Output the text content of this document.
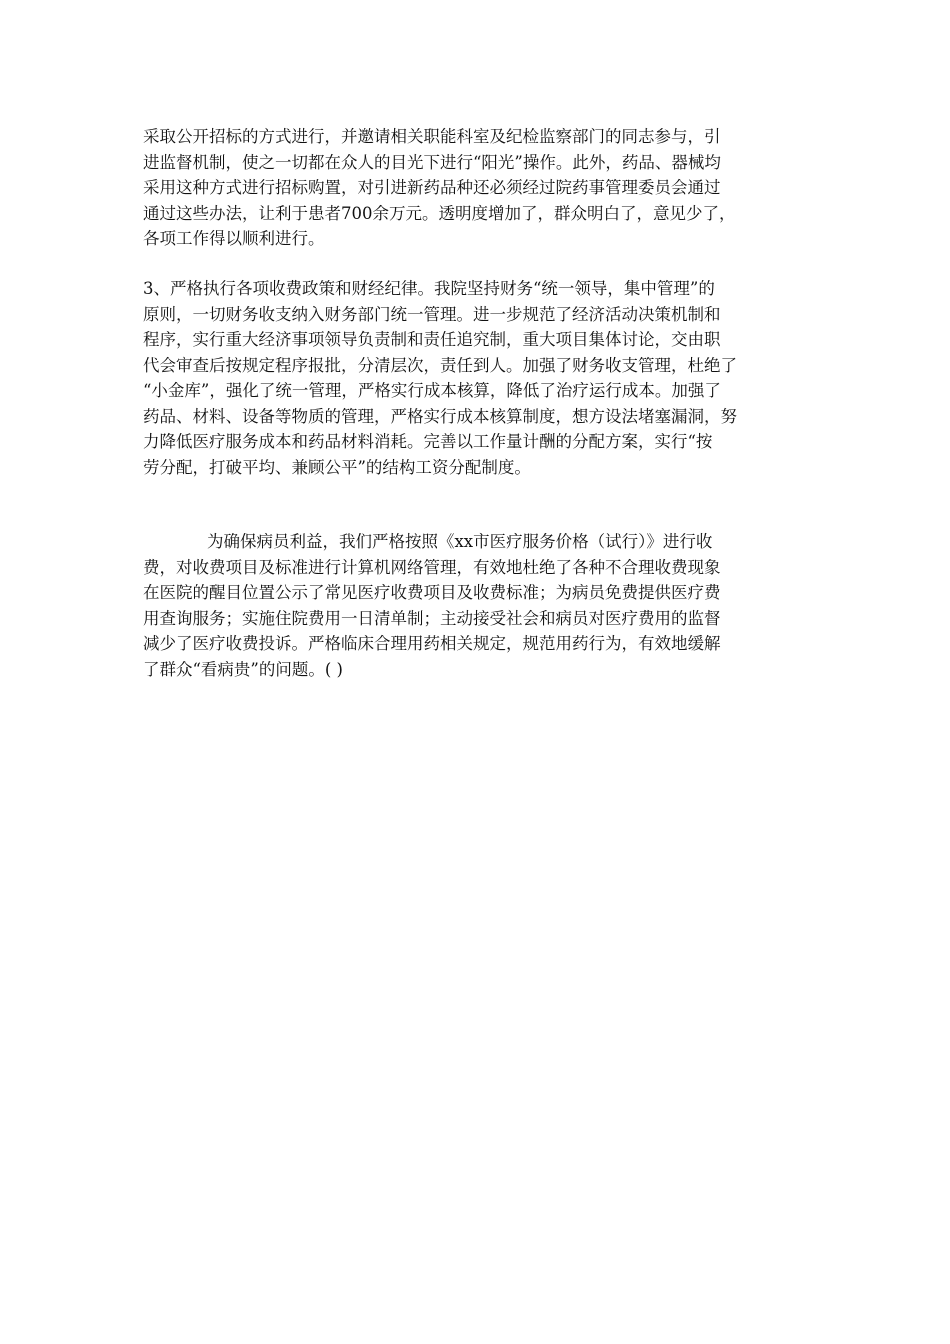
采取公开招标的方式进行，并邀请相关职能科室及纪检监察部门的同志参与，引
进监督机制，使之一切都在众人的目光下进行“阳光”操作。此外，药品、器械均
采用这种方式进行招标购置，对引进新药品种还必须经过院药事管理委员会通过
通过这些办法，让利于患者700余万元。透明度增加了，群众明白了，意见少了，
各项工作得以顺利进行。
3、严格执行各项收费政策和财经纪律。我院坚持财务“统一领导，集中管理”的
原则，一切财务收支纳入财务部门统一管理。进一步规范了经济活动决策机制和
程序，实行重大经济事项领导负责制和责任追究制，重大项目集体讨论，交由职
代会审查后按规定程序报批，分清层次，责任到人。加强了财务收支管理，杜绝了
“小金库”，强化了统一管理，严格实行成本核算，降低了治疗运行成本。加强了
药品、材料、设备等物质的管理，严格实行成本核算制度，想方设法堵塞漏洞，努
力降低医疗服务成本和药品材料消耗。完善以工作量计酬的分配方案，实行“按
劳分配，打破平均、兼顾公平”的结构工资分配制度。
为确保病员利益，我们严格按照《xx市医疗服务价格（试行）》进行收
费，对收费项目及标准进行计算机网络管理，有效地杜绝了各种不合理收费现象
在医院的醒目位置公示了常见医疗收费项目及收费标准；为病员免费提供医疗费
用查询服务；实施住院费用一日清单制；主动接受社会和病员对医疗费用的监督
减少了医疗收费投诉。严格临床合理用药相关规定，规范用药行为，有效地缓解
了群众“看病贵”的问题。( )
